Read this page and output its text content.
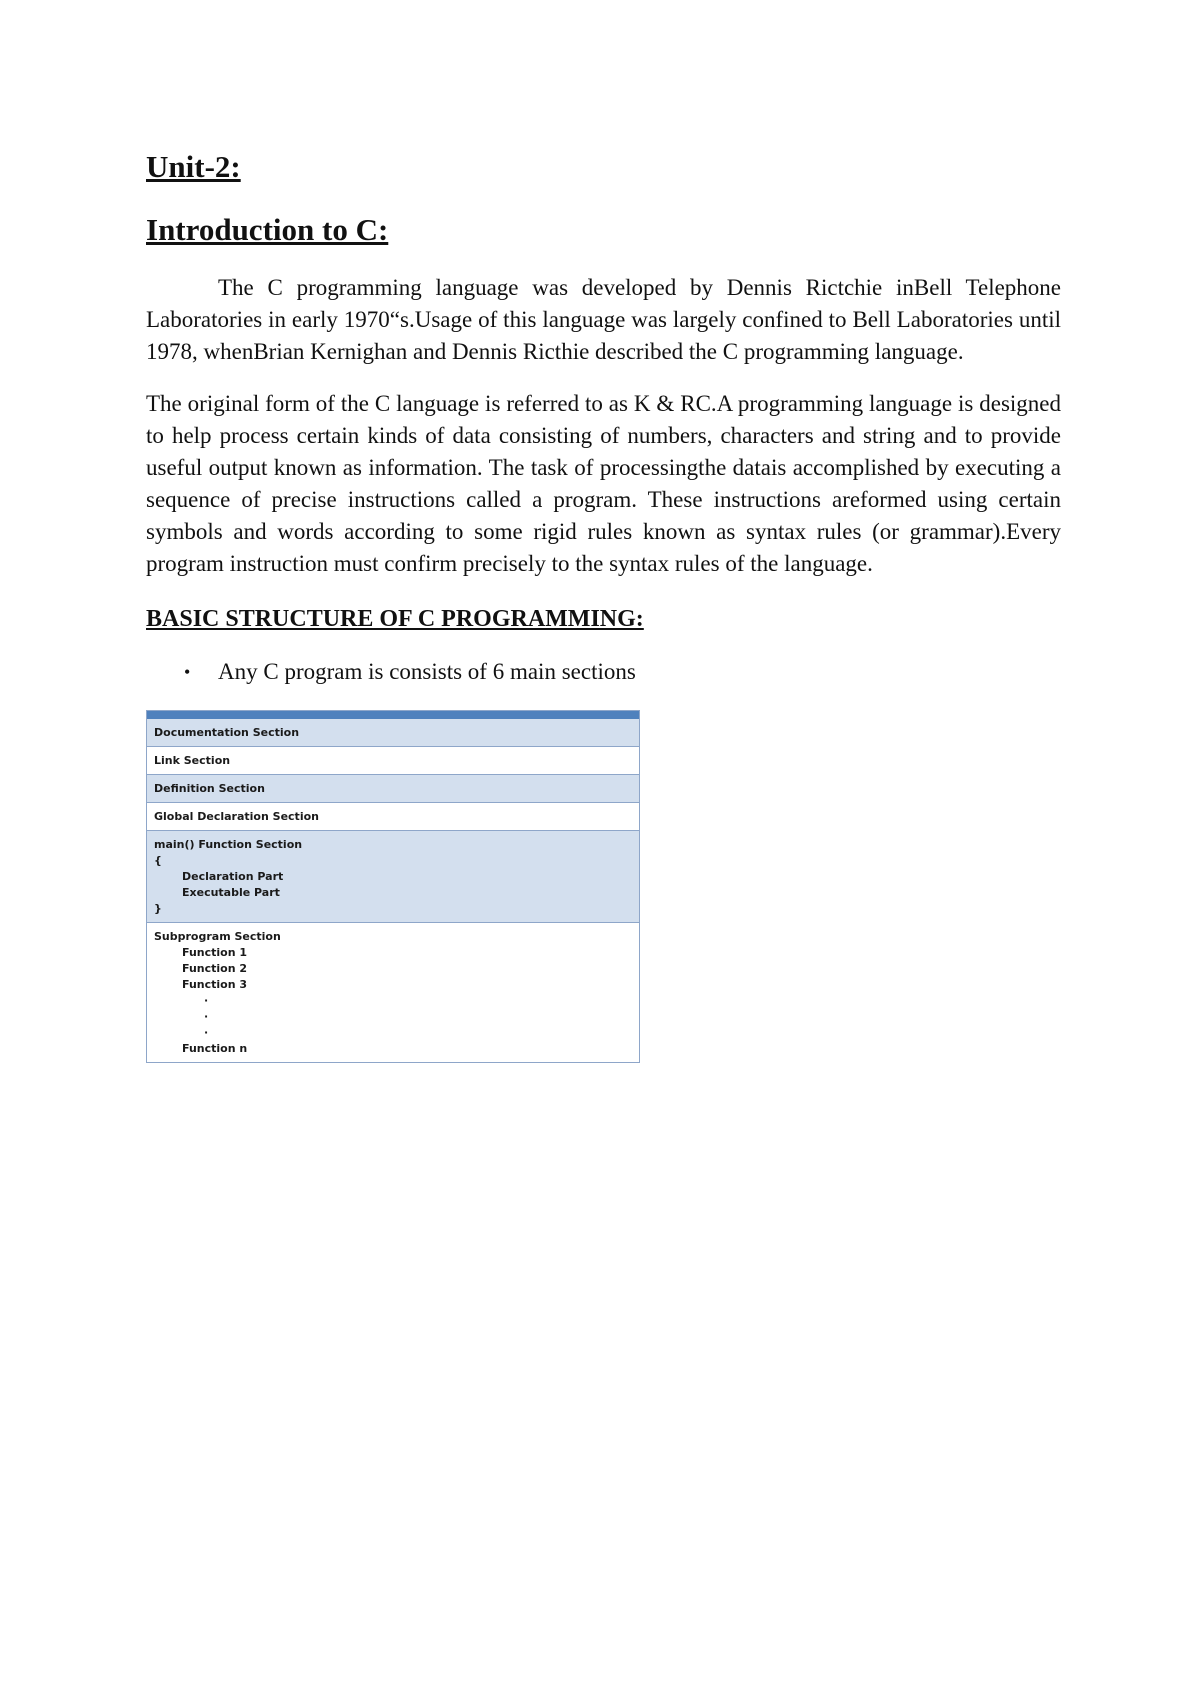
Unit-2:
Introduction to C:

The C programming language was developed by Dennis Rictchie inBell Telephone Laboratories in early 1970“s.Usage of this language was largely confined to Bell Laboratories until 1978, whenBrian Kernighan and Dennis Ricthie described the C programming language.

The original form of the C language is referred to as K & RC.A programming language is designed to help process certain kinds of data consisting of numbers, characters and string and to provide useful output known as information. The task of processingthe datais accomplished by executing a sequence of precise instructions called a program. These instructions areformed using certain symbols and words according to some rigid rules known as syntax rules (or grammar).Every program instruction must confirm precisely to the syntax rules of the language.

BASIC STRUCTURE OF C PROGRAMMING:
•	Any C program is consists of 6 main sections
Documentation Section
Link Section
Definition Section
Global Declaration Section
main() Function Section
{
Declaration Part
Executable Part
}
Subprogram Section
Function 1
Function 2
Function 3
·
·
·
Function n
